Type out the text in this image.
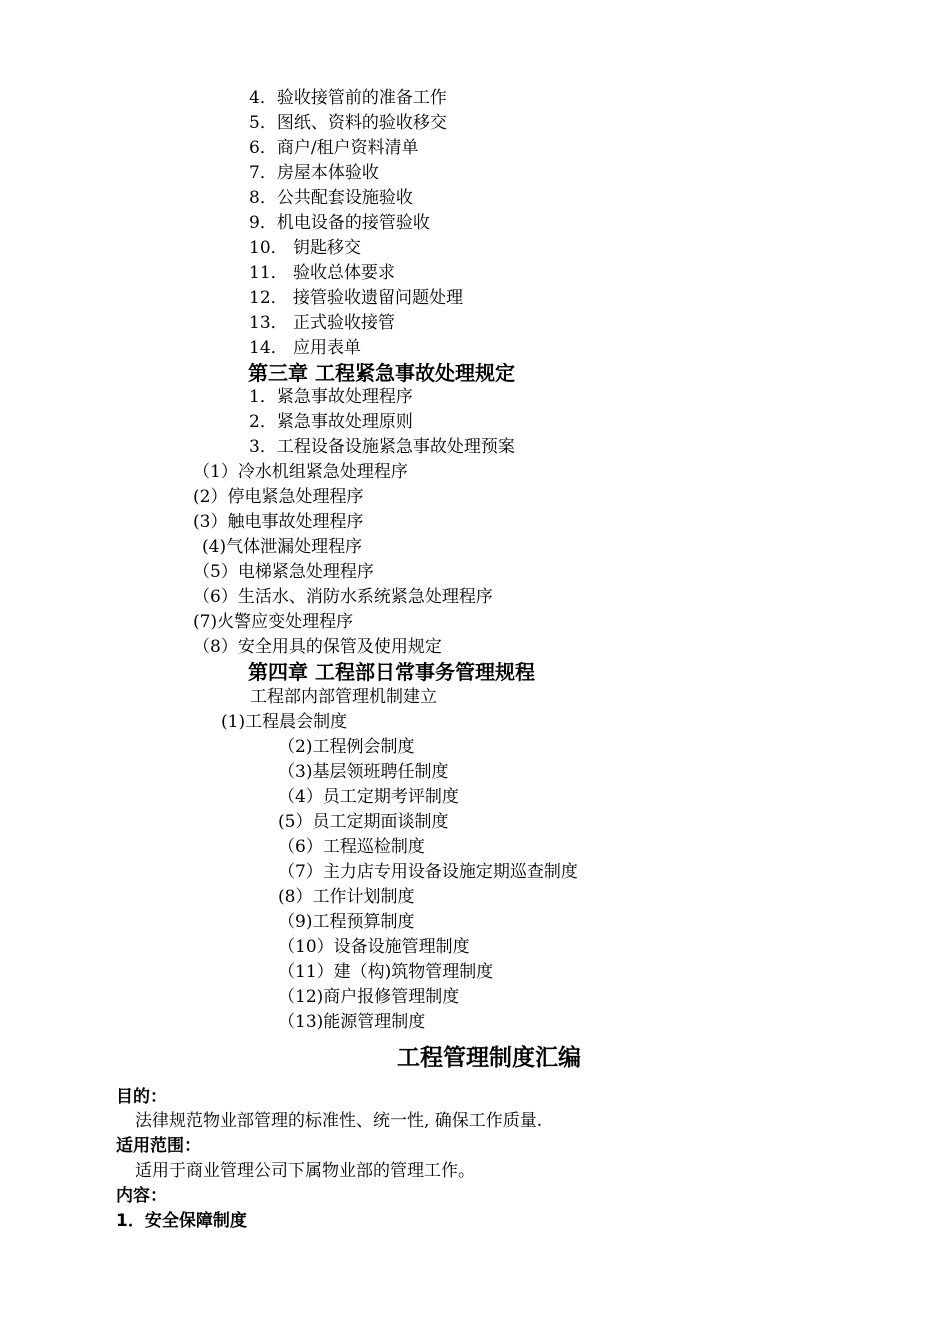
4．验收接管前的准备工作
5．图纸、资料的验收移交
6．商户/租户资料清单
7．房屋本体验收
8．公共配套设施验收
9．机电设备的接管验收
10． 钥匙移交
11． 验收总体要求
12． 接管验收遗留问题处理
13． 正式验收接管
14． 应用表单
第三章 工程紧急事故处理规定
1．紧急事故处理程序
2．紧急事故处理原则
3．工程设备设施紧急事故处理预案
（1）冷水机组紧急处理程序
(2）停电紧急处理程序
(3）触电事故处理程序
(4)气体泄漏处理程序
（5）电梯紧急处理程序
（6）生活水、消防水系统紧急处理程序
(7)火警应变处理程序
（8）安全用具的保管及使用规定
第四章 工程部日常事务管理规程
工程部内部管理机制建立
(1)工程晨会制度
（2)工程例会制度
（3)基层领班聘任制度
（4）员工定期考评制度
(5）员工定期面谈制度
（6）工程巡检制度
（7）主力店专用设备设施定期巡查制度
(8）工作计划制度
（9)工程预算制度
（10）设备设施管理制度
（11）建（构)筑物管理制度
（12)商户报修管理制度
（13)能源管理制度
工程管理制度汇编
目的：
法律规范物业部管理的标准性、统一性, 确保工作质量.
适用范围：
适用于商业管理公司下属物业部的管理工作。
内容：
1．安全保障制度
